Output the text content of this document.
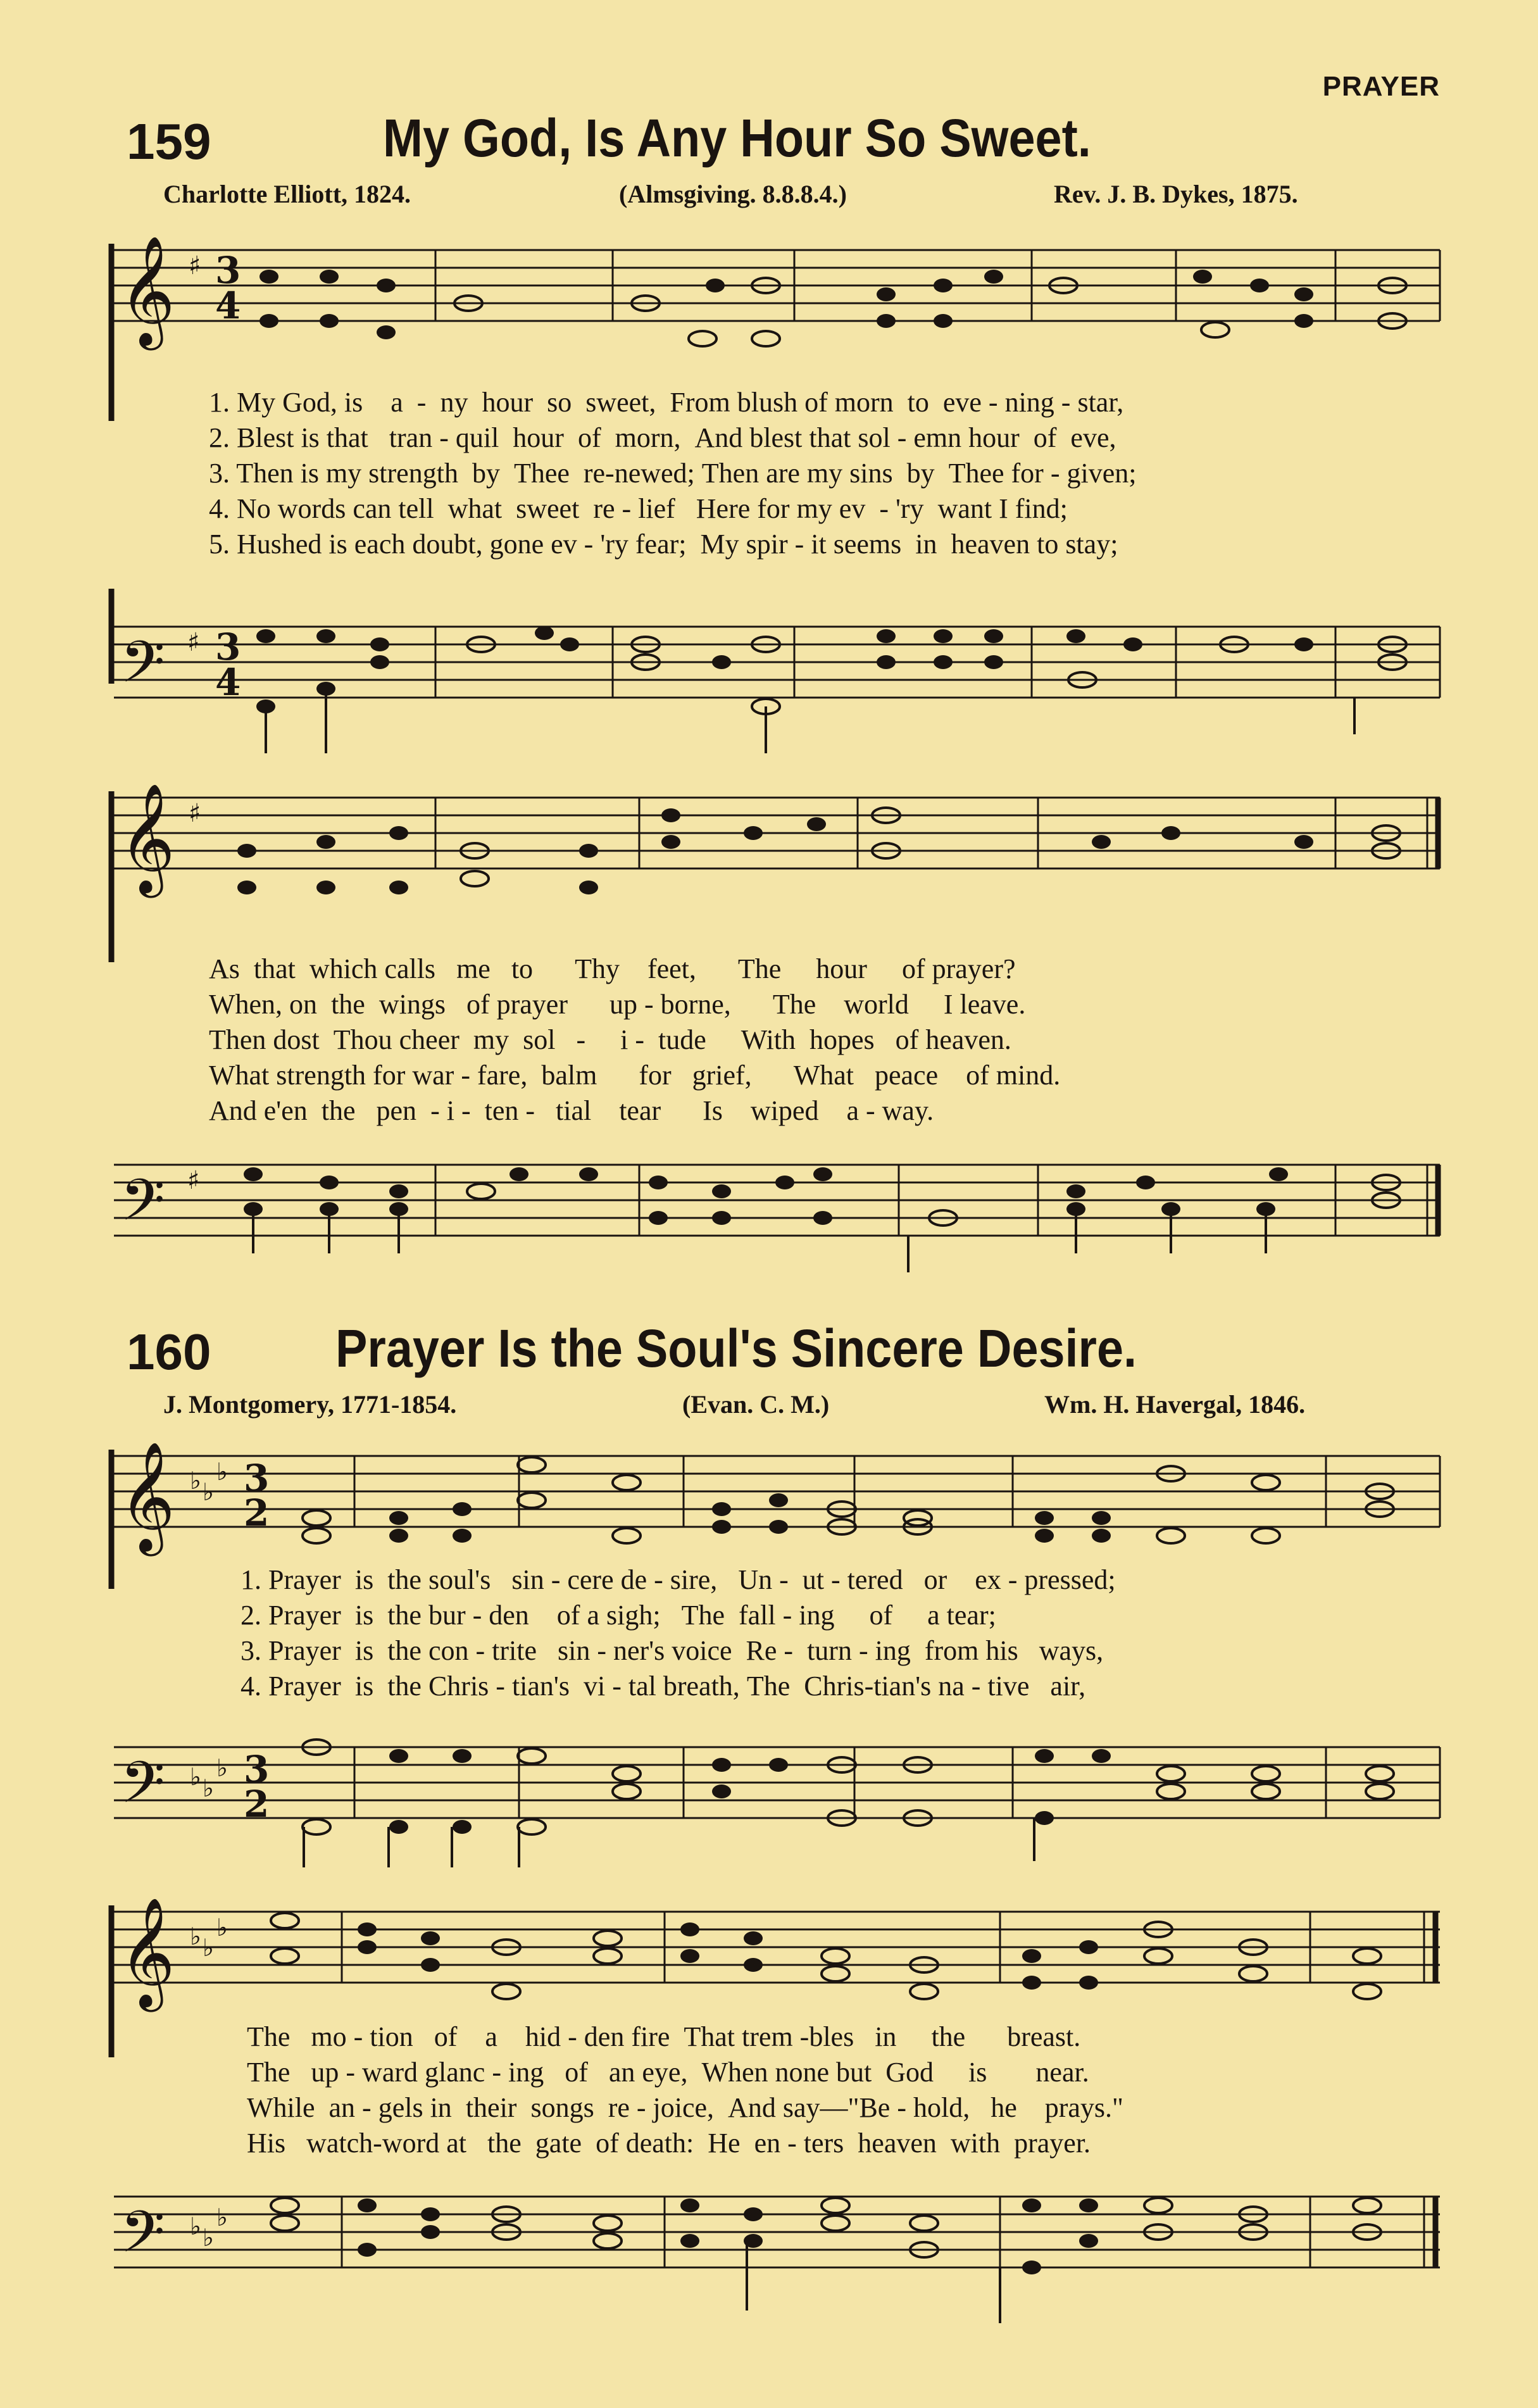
PRAYER
159	My God, Is Any Hour So Sweet.
Charlotte Elliott, 1824.	(Almsgiving. 8.8.8.4.)	Rev. J. B. Dykes, 1875.
𝄞 ♯ 3
4
1. My God, is a - ny hour so sweet, From blush of morn to eve - ning - star,
2. Blest is that tran - quil hour of morn, And blest that sol - emn hour of eve,
3. Then is my strength by Thee re-newed; Then are my sins by Thee for - given;
4. No words can tell what sweet re - lief Here for my ev - 'ry want I find;
5. Hushed is each doubt, gone ev - 'ry fear; My spir - it seems in heaven to stay;
𝄢 ♯ 3
4
𝄞 ♯
As that which calls me to Thy feet, The hour of prayer?
When, on the wings of prayer up - borne, The world I leave.
Then dost Thou cheer my sol - i - tude With hopes of heaven.
What strength for war - fare, balm for grief, What peace of mind.
And e'en the pen - i - ten - tial tear Is wiped a - way.
𝄢 ♯
160 Prayer Is the Soul's Sincere Desire.
J. Montgomery, 1771-1854.	(Evan. C. M.)	Wm. H. Havergal, 1846.
𝄞 ♭ ♭
♭ 3
2
1. Prayer is the soul's sin - cere de - sire, Un - ut - tered or ex - pressed;
2. Prayer is the bur - den of a sigh; The fall - ing of a tear;
3. Prayer is the con - trite sin - ner's voice Re - turn - ing from his ways,
4. Prayer is the Chris - tian's vi - tal breath, The Chris-tian's na - tive air,
𝄢 ♭ ♭
♭ 3
2
𝄞 ♭ ♭
♭
The mo - tion of a hid - den fire That trem -bles in the breast.
The up - ward glanc - ing of an eye, When none but God is near.
While an - gels in their songs re - joice, And say—"Be - hold, he prays."
His watch-word at the gate of death: He en - ters heaven with prayer.
𝄢 ♭ ♭
♭
